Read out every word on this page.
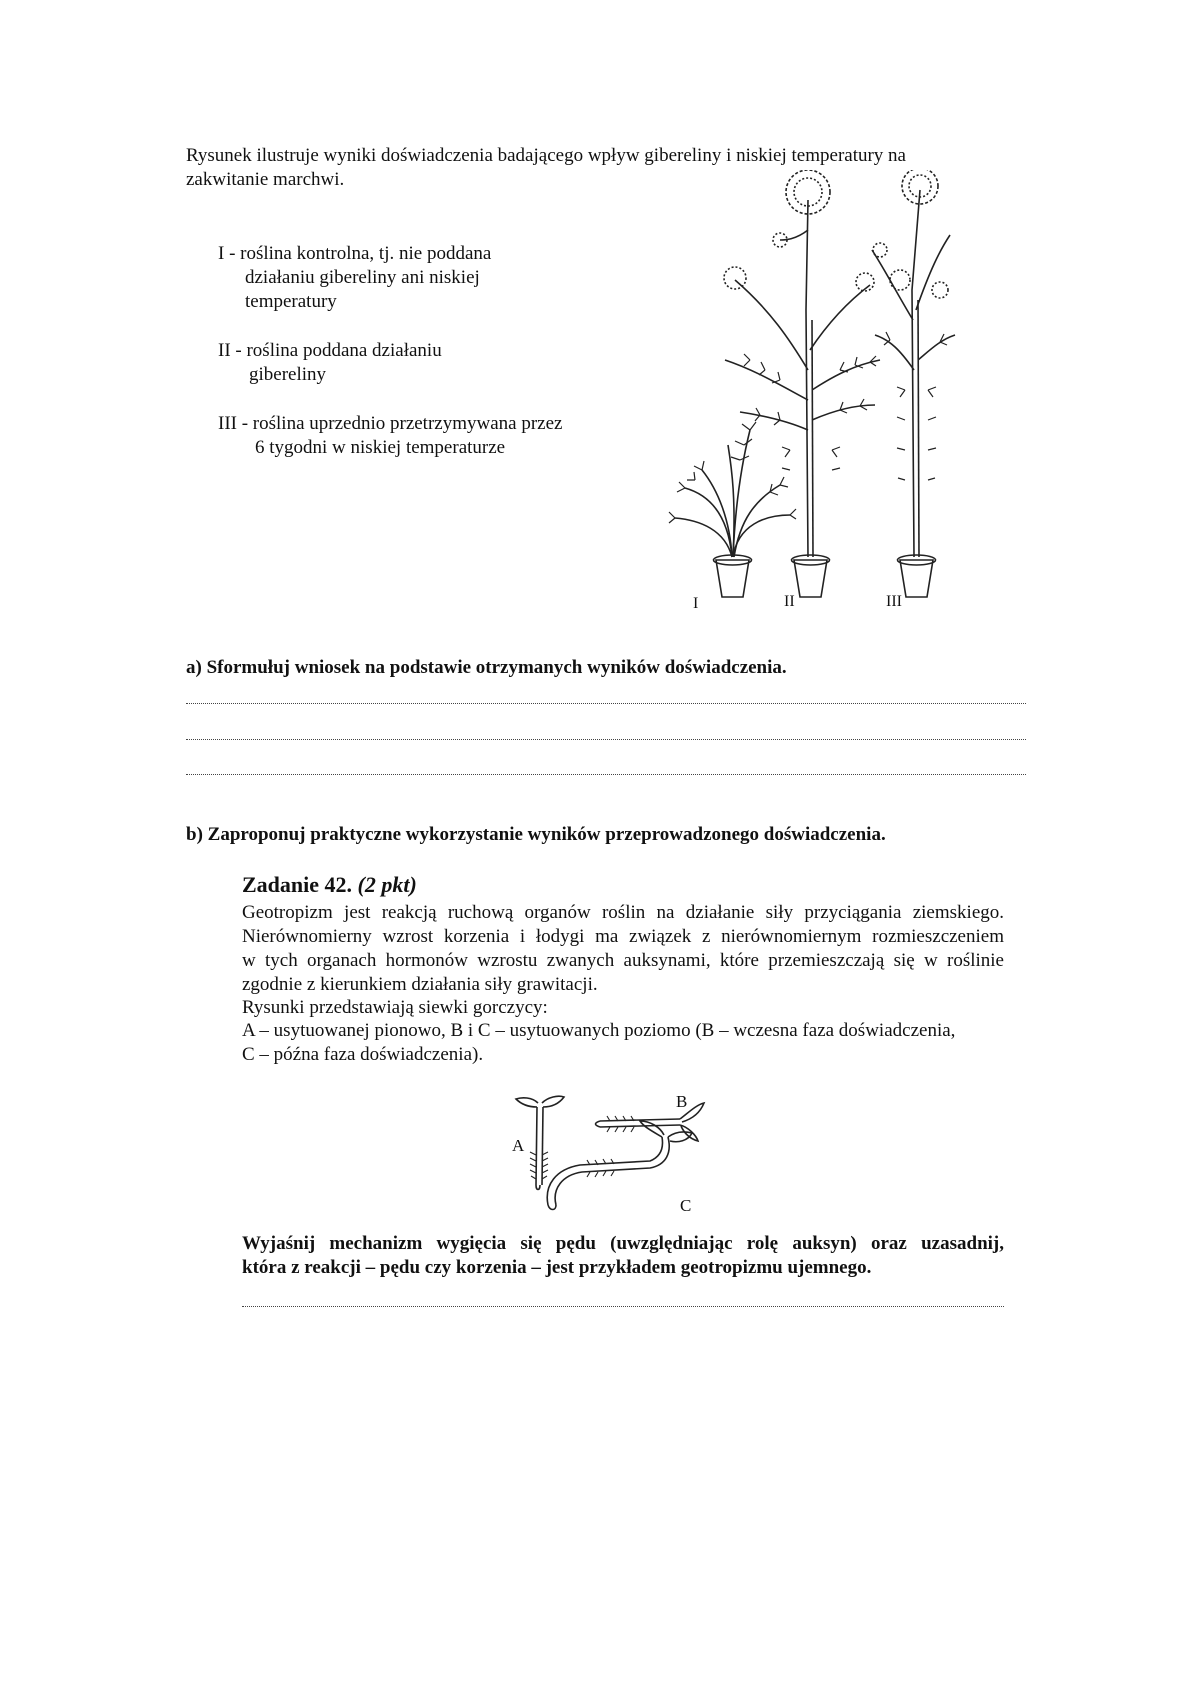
Rysunek ilustruje wyniki doświadczenia badającego wpływ gibereliny i niskiej temperatury na
zakwitanie marchwi.
I - roślina kontrolna, tj. nie poddana
działaniu gibereliny ani niskiej
temperatury
II - roślina poddana działaniu
gibereliny
III - roślina uprzednio przetrzymywana przez
6 tygodni w niskiej temperaturze
I	II	III
a) Sformułuj wniosek na podstawie otrzymanych wyników doświadczenia.
b) Zaproponuj praktyczne wykorzystanie wyników przeprowadzonego doświadczenia.
Zadanie 42. (2 pkt)
Geotropizm jest reakcją ruchową organów roślin na działanie siły przyciągania ziemskiego.
Nierównomierny wzrost korzenia i łodygi ma związek z nierównomiernym rozmieszczeniem
w tych organach hormonów wzrostu zwanych auksynami, które przemieszczają się w roślinie
zgodnie z kierunkiem działania siły grawitacji.
Rysunki przedstawiają siewki gorczycy:
A – usytuowanej pionowo, B i C – usytuowanych poziomo (B – wczesna faza doświadczenia,
C – późna faza doświadczenia).
A
B
C
Wyjaśnij mechanizm wygięcia się pędu (uwzględniając rolę auksyn) oraz uzasadnij,
która z reakcji – pędu czy korzenia – jest przykładem geotropizmu ujemnego.
